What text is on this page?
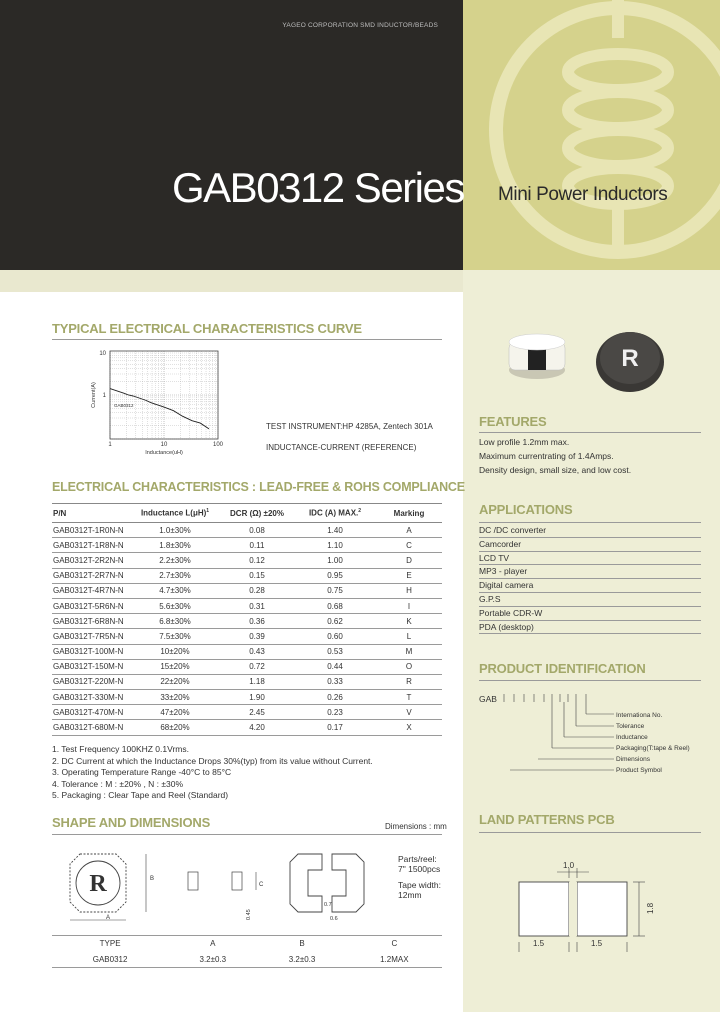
YAGEO CORPORATION SMD INDUCTOR/BEADS
GAB0312 Series Mini Power Inductors
TYPICAL ELECTRICAL CHARACTERISTICS CURVE
10
1
1	10	100
Inductance(uH)
Current(A)	GAB0312
TEST INSTRUMENT:HP 4285A, Zentech 301A
INDUCTANCE-CURRENT (REFERENCE)
ELECTRICAL CHARACTERISTICS : LEAD-FREE & ROHS COMPLIANCE
P/N	Inductance $L(\mu H)^1$	DCR (Ω) ±20%	IDC (A) MAX.$^2$	Marking
GAB0312T-1R0N-N	1.0±30%	0.08	1.40	A
GAB0312T-1R8N-N	1.8±30%	0.11	1.10	C
GAB0312T-2R2N-N	2.2±30%	0.12	1.00	D
GAB0312T-2R7N-N	2.7±30%	0.15	0.95	E
GAB0312T-4R7N-N	4.7±30%	0.28	0.75	H
GAB0312T-5R6N-N	5.6±30%	0.31	0.68	I
GAB0312T-6R8N-N	6.8±30%	0.36	0.62	K
GAB0312T-7R5N-N	7.5±30%	0.39	0.60	L
GAB0312T-100M-N	10±20%	0.43	0.53	M
GAB0312T-150M-N	15±20%	0.72	0.44	O
GAB0312T-220M-N	22±20%	1.18	0.33	R
GAB0312T-330M-N	33±20%	1.90	0.26	T
GAB0312T-470M-N	47±20%	2.45	0.23	V
GAB0312T-680M-N	68±20%	4.20	0.17	X
1. Test Frequency 100KHZ 0.1Vrms.
2. DC Current at which the Inductance Drops 30%(typ) from its value without Current.
3. Operating Temperature Range -40°C to 85°C
4. Tolerance : M : ±20% , N : ±30%
5. Packaging : Clear Tape and Reel (Standard)
SHAPE AND DIMENSIONS	Dimensions : mm
R
A
B
C
0.45
0.7
0.6
Parts/reel:
7" 1500pcs
Tape width:
12mm
TYPE	A	B	C
GAB0312	3.2±0.3	3.2±0.3	1.2MAX
R
FEATURES
Low profile 1.2mm max.
Maximum currentrating of 1.4Amps.
Density design, small size, and low cost.
APPLICATIONS
DC /DC converter
Camcorder
LCD TV
MP3 - player
Digital camera
G.P.S
Portable CDR-W
PDA (desktop)
PRODUCT IDENTIFICATION
GAB
Internationa No.
Tolerance
Inductance
Packaging(T:tape & Reel)
Dimensions
Product Symbol
LAND PATTERNS PCB
1.0
1.8
1.5	1.5
